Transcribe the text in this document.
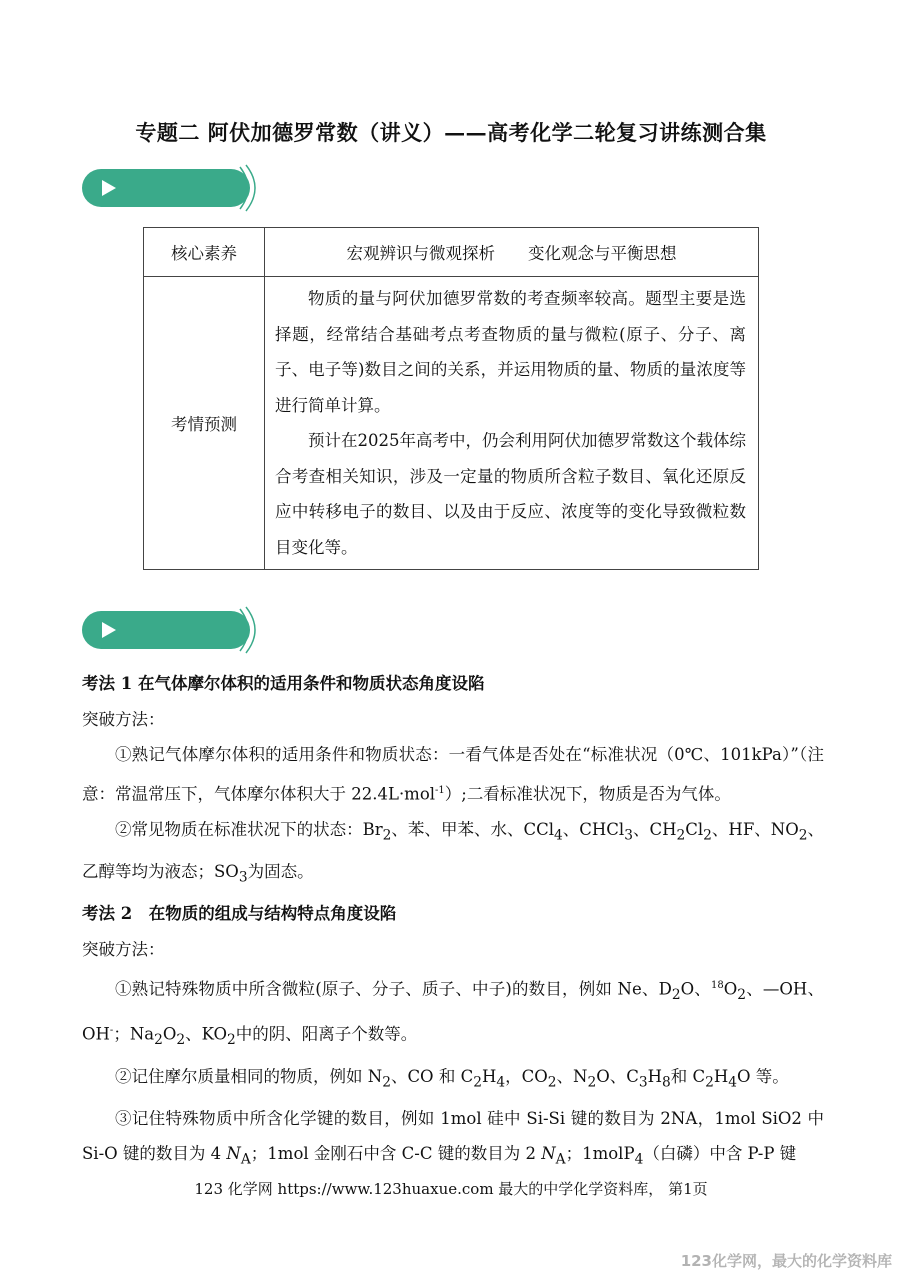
专题二 阿伏加德罗常数（讲义）——高考化学二轮复习讲练测合集
核心素养	宏观辨识与微观探析　　变化观念与平衡思想
考情预测	物质的量与阿伏加德罗常数的考查频率较高。题型主要是选择题，经常结合基础考点考查物质的量与微粒(原子、分子、离子、电子等)数目之间的关系，并运用物质的量、物质的量浓度等进行简单计算。

预计在2025年高考中，仍会利用阿伏加德罗常数这个载体综合考查相关知识，涉及一定量的物质所含粒子数目、氧化还原反应中转移电子的数目、以及由于反应、浓度等的变化导致微粒数目变化等。

考法 1 在气体摩尔体积的适用条件和物质状态角度设陷

突破方法：

①熟记气体摩尔体积的适用条件和物质状态：一看气体是否处在“标准状况（0℃、101kPa）”（注意：常温常压下，气体摩尔体积大于 22.4L·mol$^{-1}$）;二看标准状况下，物质是否为气体。

②常见物质在标准状况下的状态：$Br_2$、苯、甲苯、水、CCl$_4$、CHCl$_3$、$CH_2Cl_2$、HF、$NO_2$、乙醇等均为液态；$SO_3$为固态。

考法 2　在物质的组成与结构特点角度设陷

突破方法：

①熟记特殊物质中所含微粒(原子、分子、质子、中子)的数目，例如 Ne、$D_2O$、$^{18}O_2$、—OH、OH-；$Na_2O_2$、$KO_2$中的阴、阳离子个数等。

②记住摩尔质量相同的物质，例如 $N_2$、CO 和 $C_2H_4$，$CO_2$、$N_2O$、$C_3H_8$和 $C_2H_4O$ 等。

③记住特殊物质中所含化学键的数目，例如 1mol 硅中 Si-Si 键的数目为 2NA，1mol SiO2 中 Si-O 键的数目为 4 $N_A$；1mol 金刚石中含 C-C 键的数目为 2 $N_A$；1molP$_4$（白磷）中含 P-P 键

123 化学网 https://www.123huaxue.com 最大的中学化学资料库， 第1页
123化学网，最大的化学资料库
